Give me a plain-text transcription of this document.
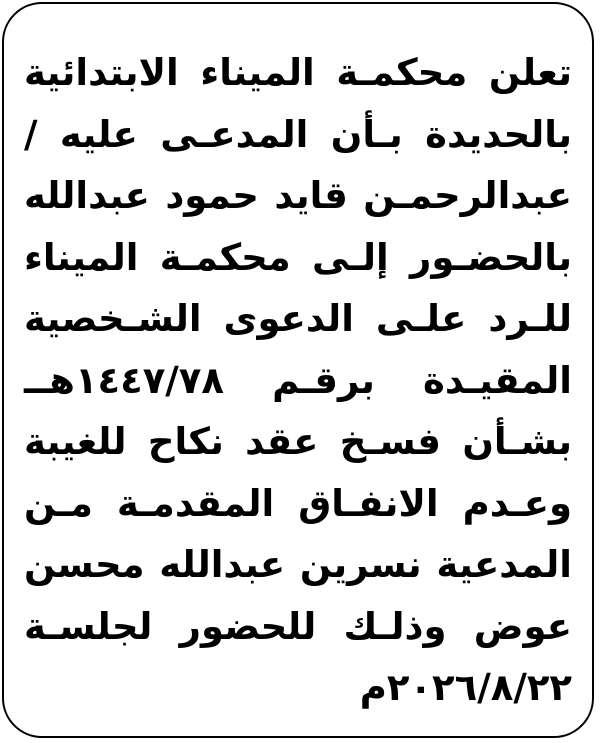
تعلن محكمـة الميناء الابتدائية
بالحديدة بـأن المدعـى عليه /
عبدالرحمـن قايد حمود عبدالله
بالحضـور إلـى محكمـة الميناء
للـرد علـى الدعوى الشـخصية
المقيـدة برقـم ١٤٤٧/٧٨هــ
بشـأن فسـخ عقد نكاح للغيبة
وعـدم الانفـاق المقدمـة مـن
المدعية نسرين عبدالله محسن
عوض وذلـك للحضور لجلسـة
٢٠٢٦/٨/٢٢م
